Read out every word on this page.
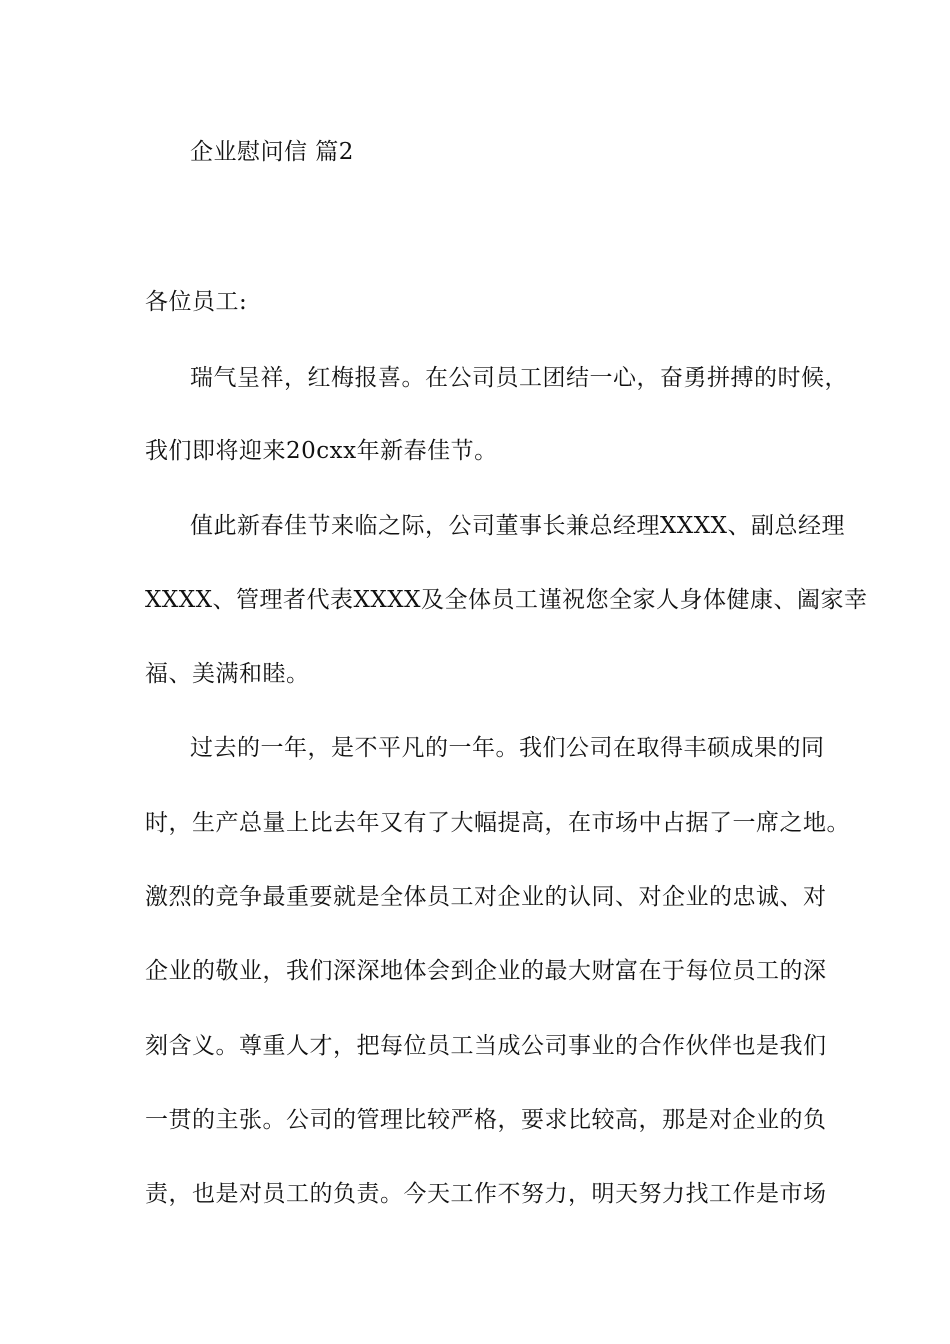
企业慰问信 篇2
各位员工:
瑞气呈祥，红梅报喜。在公司员工团结一心，奋勇拼搏的时候，
我们即将迎来20cxx年新春佳节。
值此新春佳节来临之际，公司董事长兼总经理XXXX、副总经理
XXXX、管理者代表XXXX及全体员工谨祝您全家人身体健康、阖家幸
福、美满和睦。
过去的一年，是不平凡的一年。我们公司在取得丰硕成果的同
时，生产总量上比去年又有了大幅提高，在市场中占据了一席之地。
激烈的竞争最重要就是全体员工对企业的认同、对企业的忠诚、对
企业的敬业，我们深深地体会到企业的最大财富在于每位员工的深
刻含义。尊重人才，把每位员工当成公司事业的合作伙伴也是我们
一贯的主张。公司的管理比较严格，要求比较高，那是对企业的负
责，也是对员工的负责。今天工作不努力，明天努力找工作是市场
